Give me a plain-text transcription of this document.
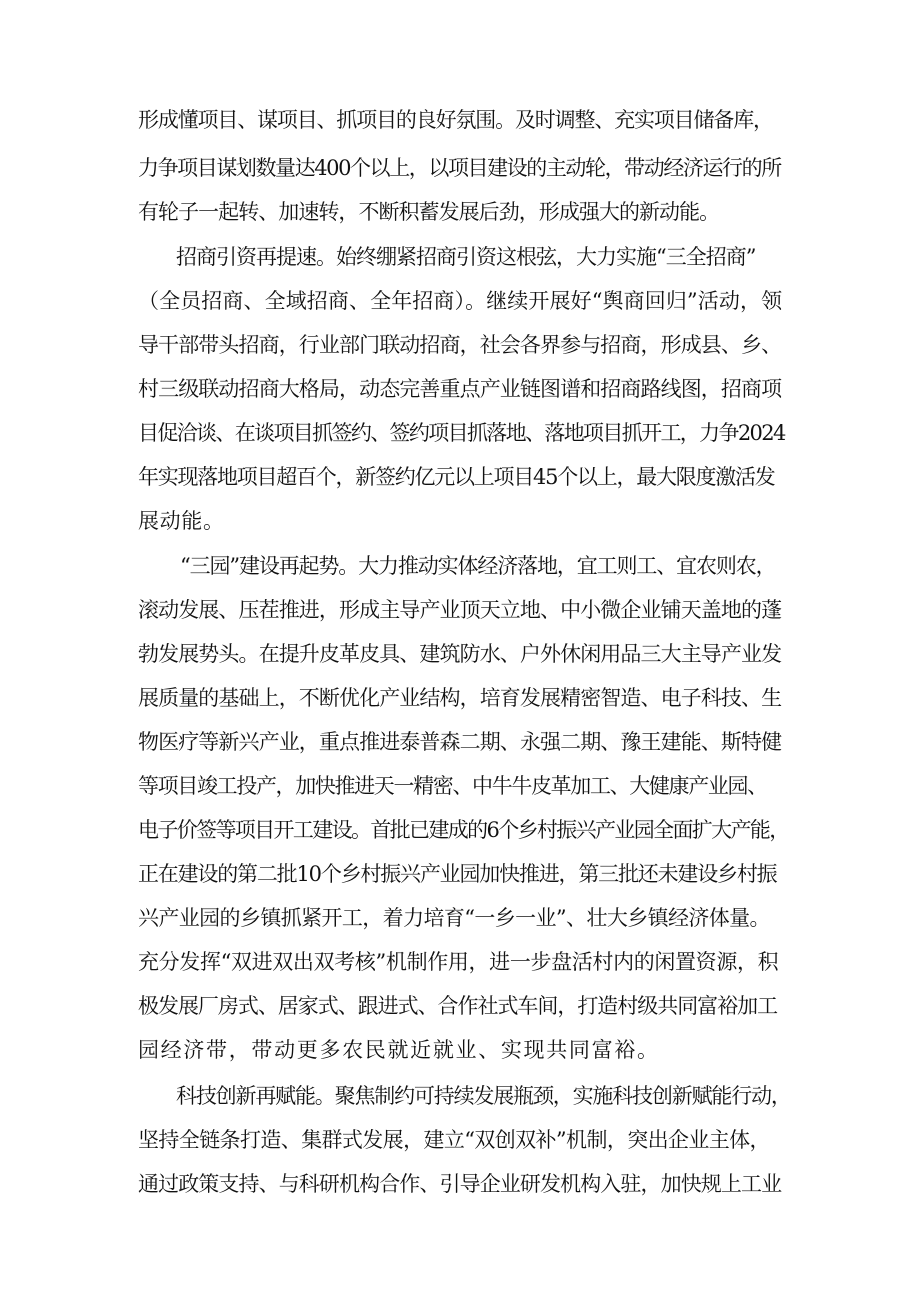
形成懂项目、谋项目、抓项目的良好氛围。及时调整、充实项目储备库，
力争项目谋划数量达400个以上，以项目建设的主动轮，带动经济运行的所
有轮子一起转、加速转，不断积蓄发展后劲，形成强大的新动能。
招商引资再提速。始终绷紧招商引资这根弦，大力实施“三全招商”
（全员招商、全域招商、全年招商）。继续开展好“舆商回归”活动，领
导干部带头招商，行业部门联动招商，社会各界参与招商，形成县、乡、
村三级联动招商大格局，动态完善重点产业链图谱和招商路线图，招商项
目促洽谈、在谈项目抓签约、签约项目抓落地、落地项目抓开工，力争2024
年实现落地项目超百个，新签约亿元以上项目45个以上，最大限度激活发
展动能。
“三园”建设再起势。大力推动实体经济落地，宜工则工、宜农则农，
滚动发展、压茬推进，形成主导产业顶天立地、中小微企业铺天盖地的蓬
勃发展势头。在提升皮革皮具、建筑防水、户外休闲用品三大主导产业发
展质量的基础上，不断优化产业结构，培育发展精密智造、电子科技、生
物医疗等新兴产业，重点推进泰普森二期、永强二期、豫王建能、斯特健
等项目竣工投产，加快推进天一精密、中牛牛皮革加工、大健康产业园、
电子价签等项目开工建设。首批已建成的6个乡村振兴产业园全面扩大产能，
正在建设的第二批10个乡村振兴产业园加快推进，第三批还未建设乡村振
兴产业园的乡镇抓紧开工，着力培育“一乡一业”、壮大乡镇经济体量。
充分发挥“双进双出双考核”机制作用，进一步盘活村内的闲置资源，积
极发展厂房式、居家式、跟进式、合作社式车间，打造村级共同富裕加工
园经济带，带动更多农民就近就业、实现共同富裕。
科技创新再赋能。聚焦制约可持续发展瓶颈，实施科技创新赋能行动，
坚持全链条打造、集群式发展，建立“双创双补”机制，突出企业主体，
通过政策支持、与科研机构合作、引导企业研发机构入驻，加快规上工业
